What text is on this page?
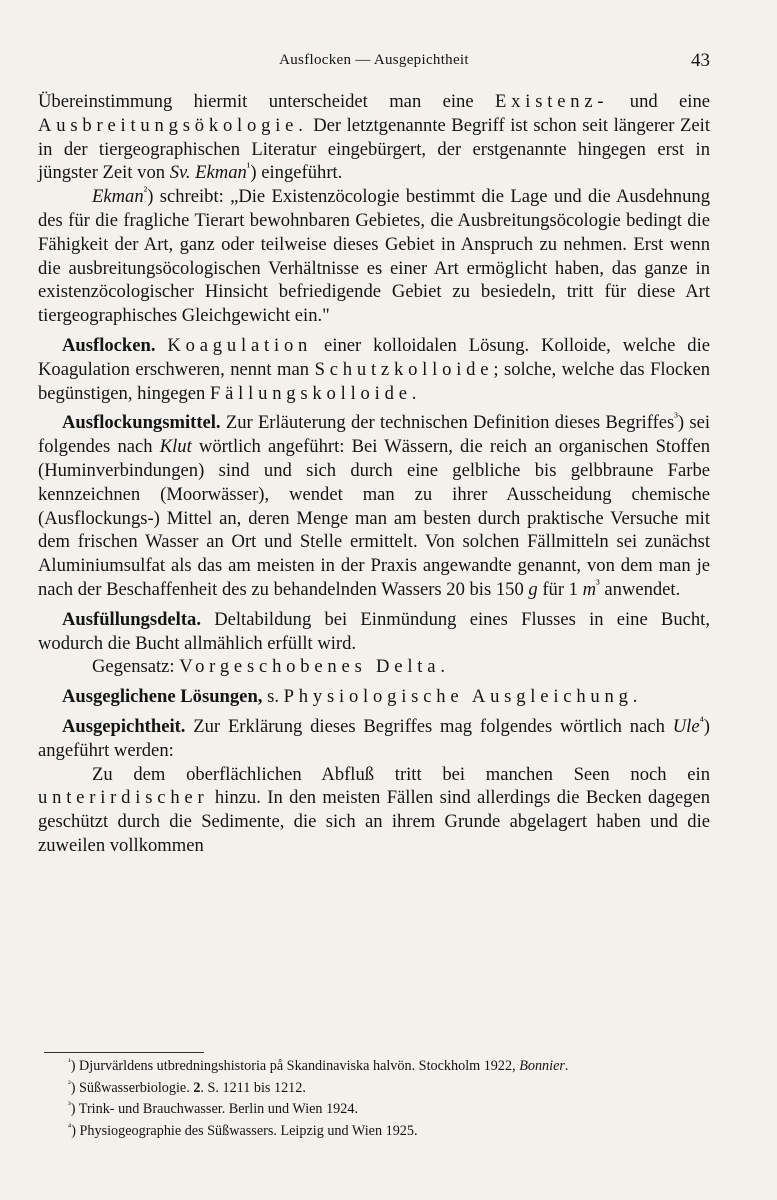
Ausflocken — Ausgepichtheit	43

Übereinstimmung hiermit unterscheidet man eine Existenz- und eine Ausbreitungsökologie. Der letztgenannte Begriff ist schon seit längerer Zeit in der tiergeographischen Literatur eingebürgert, der erstgenannte hingegen erst in jüngster Zeit von Sv. Ekman$^{^1}$) eingeführt.

Ekman$^{^2}$) schreibt: „Die Existenzöcologie bestimmt die Lage und die Ausdehnung des für die fragliche Tierart bewohnbaren Gebietes, die Ausbreitungsöcologie bedingt die Fähigkeit der Art, ganz oder teilweise dieses Gebiet in Anspruch zu nehmen. Erst wenn die ausbreitungsöcologischen Verhältnisse es einer Art ermöglicht haben, das ganze in existenzöcologischer Hinsicht befriedigende Gebiet zu besiedeln, tritt für diese Art tiergeographisches Gleichgewicht ein."

Ausflocken. Koagulation einer kolloidalen Lösung. Kolloide, welche die Koagulation erschweren, nennt man Schutzkolloide; solche, welche das Flocken begünstigen, hingegen Fällungskolloide.

Ausflockungsmittel. Zur Erläuterung der technischen Definition dieses Begriffes$^{^3}$) sei folgendes nach Klut wörtlich angeführt: Bei Wässern, die reich an organischen Stoffen (Huminverbindungen) sind und sich durch eine gelbliche bis gelbbraune Farbe kennzeichnen (Moorwässer), wendet man zu ihrer Ausscheidung chemische (Ausflockungs-) Mittel an, deren Menge man am besten durch praktische Versuche mit dem frischen Wasser an Ort und Stelle ermittelt. Von solchen Fällmitteln sei zunächst Aluminiumsulfat als das am meisten in der Praxis angewandte genannt, von dem man je nach der Beschaffenheit des zu behandelnden Wassers 20 bis 150 g für 1 $m^{^3}$ anwendet.

Ausfüllungsdelta. Deltabildung bei Einmündung eines Flusses in eine Bucht, wodurch die Bucht allmählich erfüllt wird.

Gegensatz: Vorgeschobenes Delta.

Ausgeglichene Lösungen, s. Physiologische Ausgleichung.

Ausgepichtheit. Zur Erklärung dieses Begriffes mag folgendes wörtlich nach Ule$^{^4}$) angeführt werden:

Zu dem oberflächlichen Abfluß tritt bei manchen Seen noch ein unterirdischer hinzu. In den meisten Fällen sind allerdings die Becken dagegen geschützt durch die Sedimente, die sich an ihrem Grunde abgelagert haben und die zuweilen vollkommen

$^{^1}$) Djurvärldens utbredningshistoria på Skandinaviska halvön. Stockholm 1922, Bonnier.

$^{^2}$) Süßwasserbiologie. 2. S. 1211 bis 1212.

$^{^3}$) Trink- und Brauchwasser. Berlin und Wien 1924.

$^{^4}$) Physiogeographie des Süßwassers. Leipzig und Wien 1925.
